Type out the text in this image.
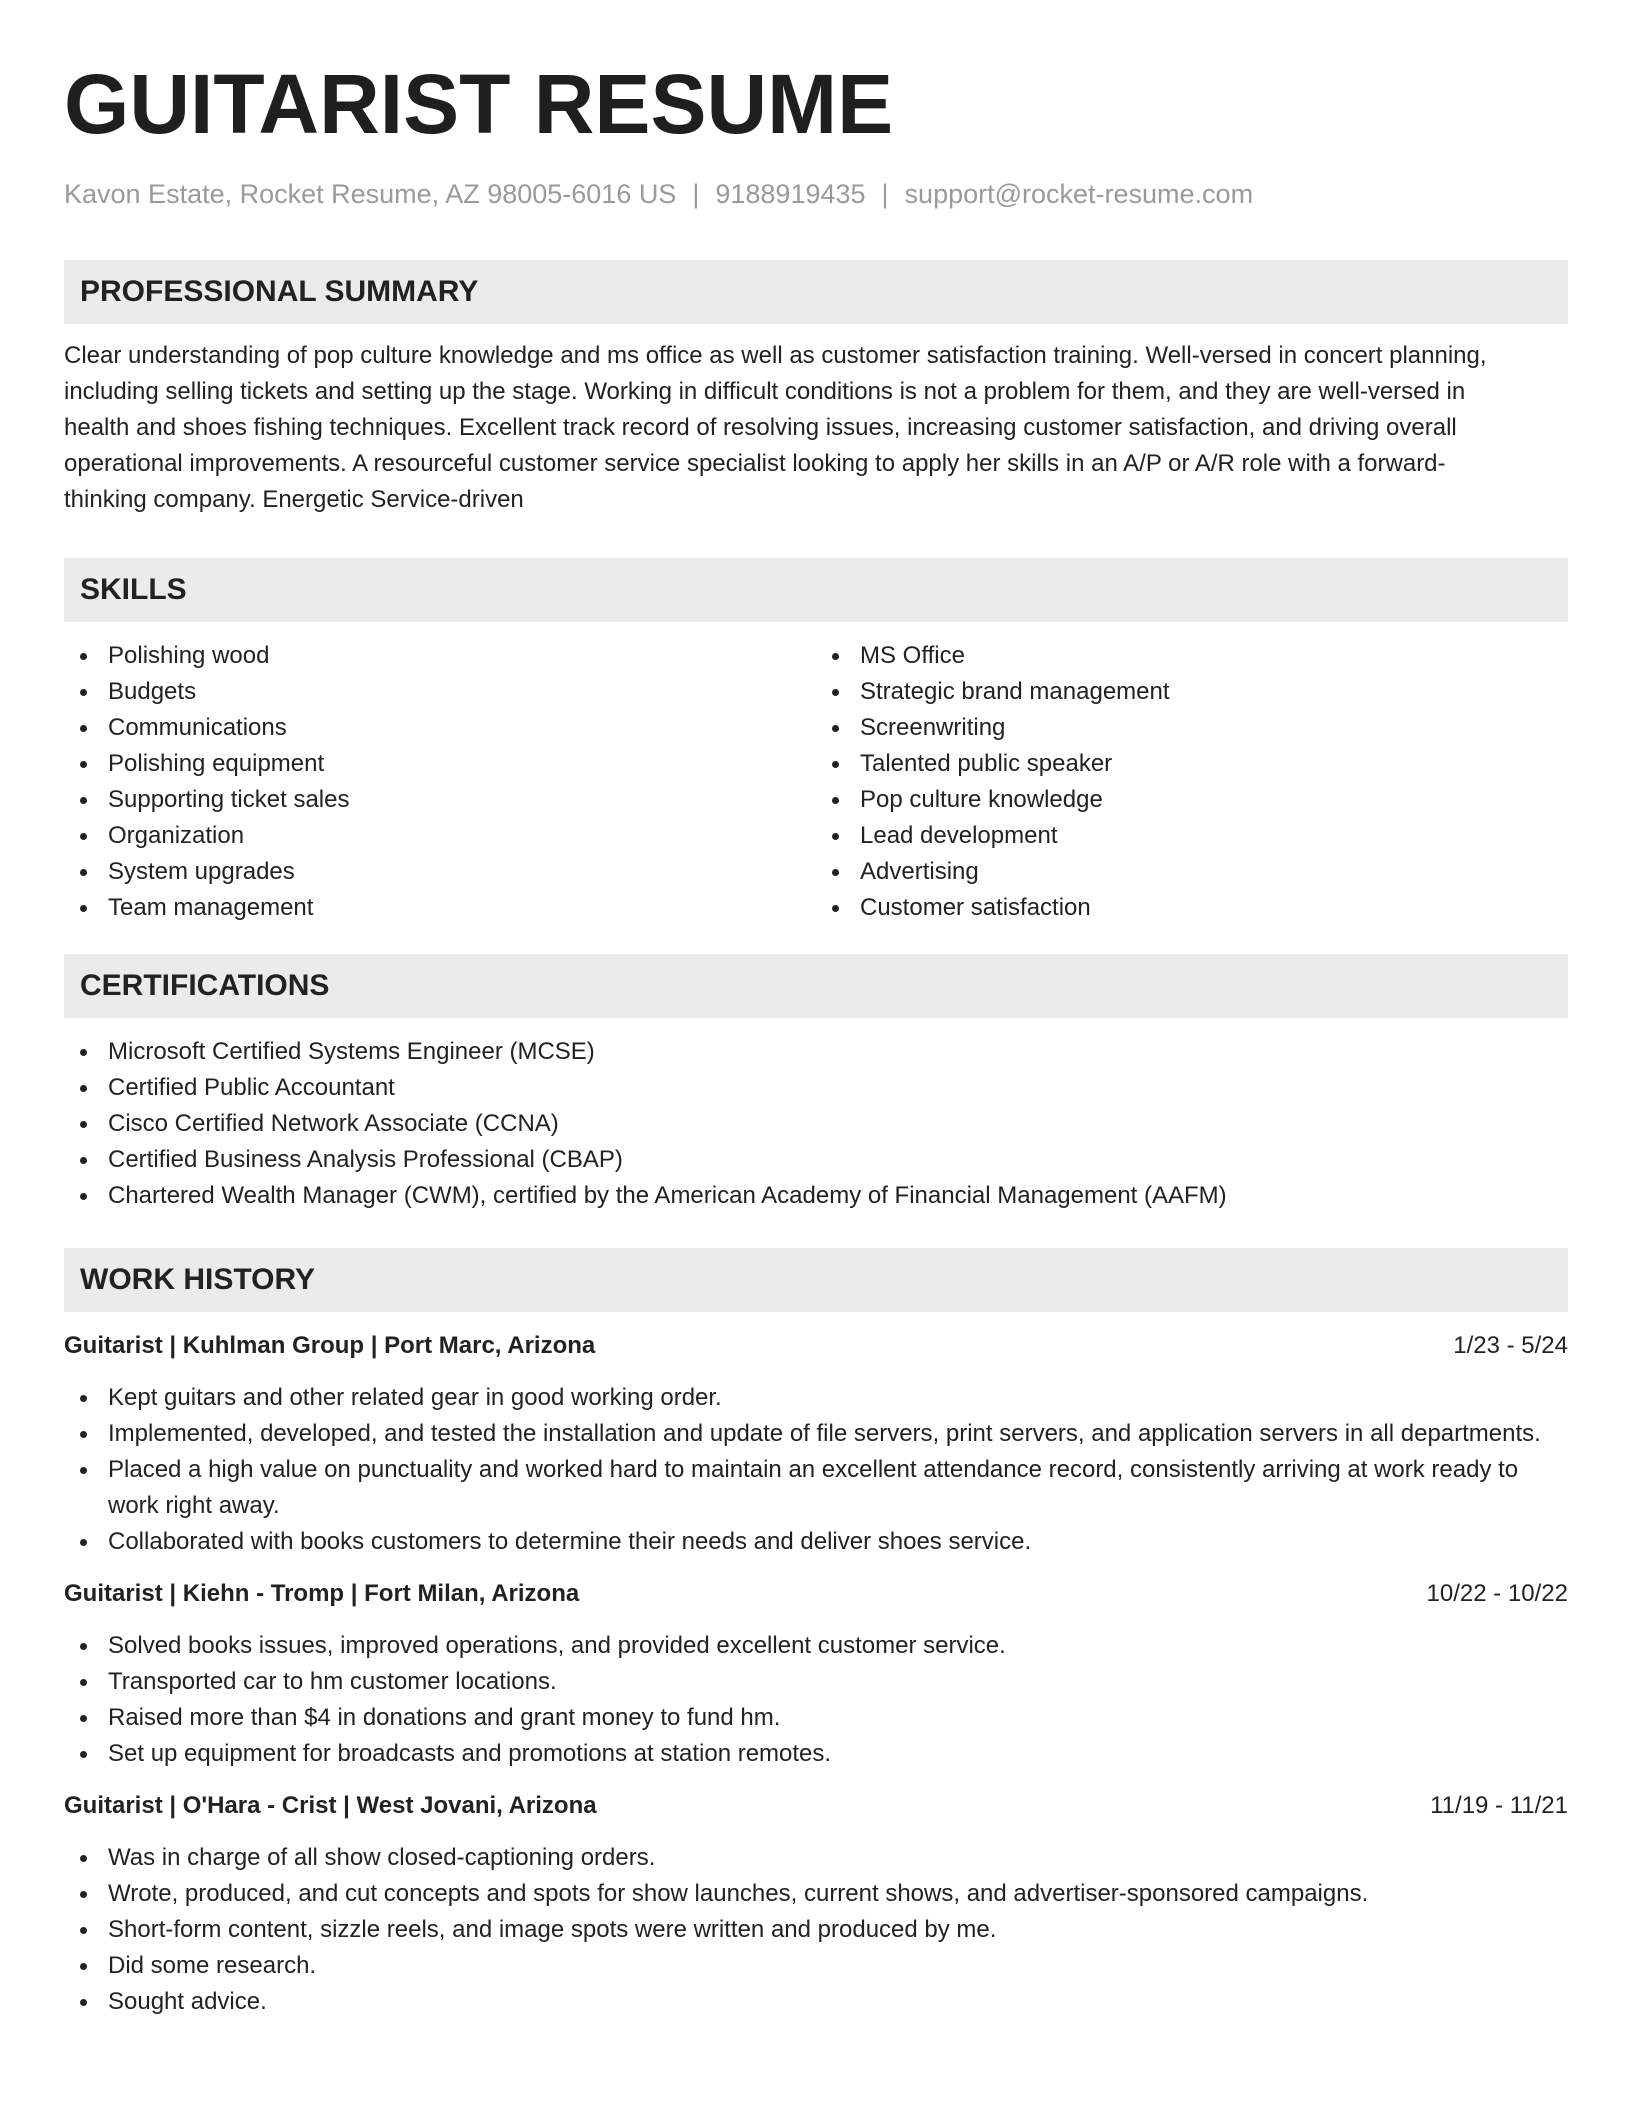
GUITARIST RESUME
Kavon Estate, Rocket Resume, AZ 98005-6016 US | 9188919435 | support@rocket-resume.com
PROFESSIONAL SUMMARY
Clear understanding of pop culture knowledge and ms office as well as customer satisfaction training. Well-versed in concert planning,
including selling tickets and setting up the stage. Working in difficult conditions is not a problem for them, and they are well-versed in
health and shoes fishing techniques. Excellent track record of resolving issues, increasing customer satisfaction, and driving overall
operational improvements. A resourceful customer service specialist looking to apply her skills in an A/P or A/R role with a forward-
thinking company. Energetic Service-driven
SKILLS
Polishing wood
Budgets
Communications
Polishing equipment
Supporting ticket sales
Organization
System upgrades
Team management
MS Office
Strategic brand management
Screenwriting
Talented public speaker
Pop culture knowledge
Lead development
Advertising
Customer satisfaction
CERTIFICATIONS
Microsoft Certified Systems Engineer (MCSE)
Certified Public Accountant
Cisco Certified Network Associate (CCNA)
Certified Business Analysis Professional (CBAP)
Chartered Wealth Manager (CWM), certified by the American Academy of Financial Management (AAFM)
WORK HISTORY
Guitarist | Kuhlman Group | Port Marc, Arizona	1/23 - 5/24
Kept guitars and other related gear in good working order.
Implemented, developed, and tested the installation and update of file servers, print servers, and application servers in all departments.
Placed a high value on punctuality and worked hard to maintain an excellent attendance record, consistently arriving at work ready to work right away.
Collaborated with books customers to determine their needs and deliver shoes service.
Guitarist | Kiehn - Tromp | Fort Milan, Arizona	10/22 - 10/22
Solved books issues, improved operations, and provided excellent customer service.
Transported car to hm customer locations.
Raised more than $4 in donations and grant money to fund hm.
Set up equipment for broadcasts and promotions at station remotes.
Guitarist | O'Hara - Crist | West Jovani, Arizona	11/19 - 11/21
Was in charge of all show closed-captioning orders.
Wrote, produced, and cut concepts and spots for show launches, current shows, and advertiser-sponsored campaigns.
Short-form content, sizzle reels, and image spots were written and produced by me.
Did some research.
Sought advice.
